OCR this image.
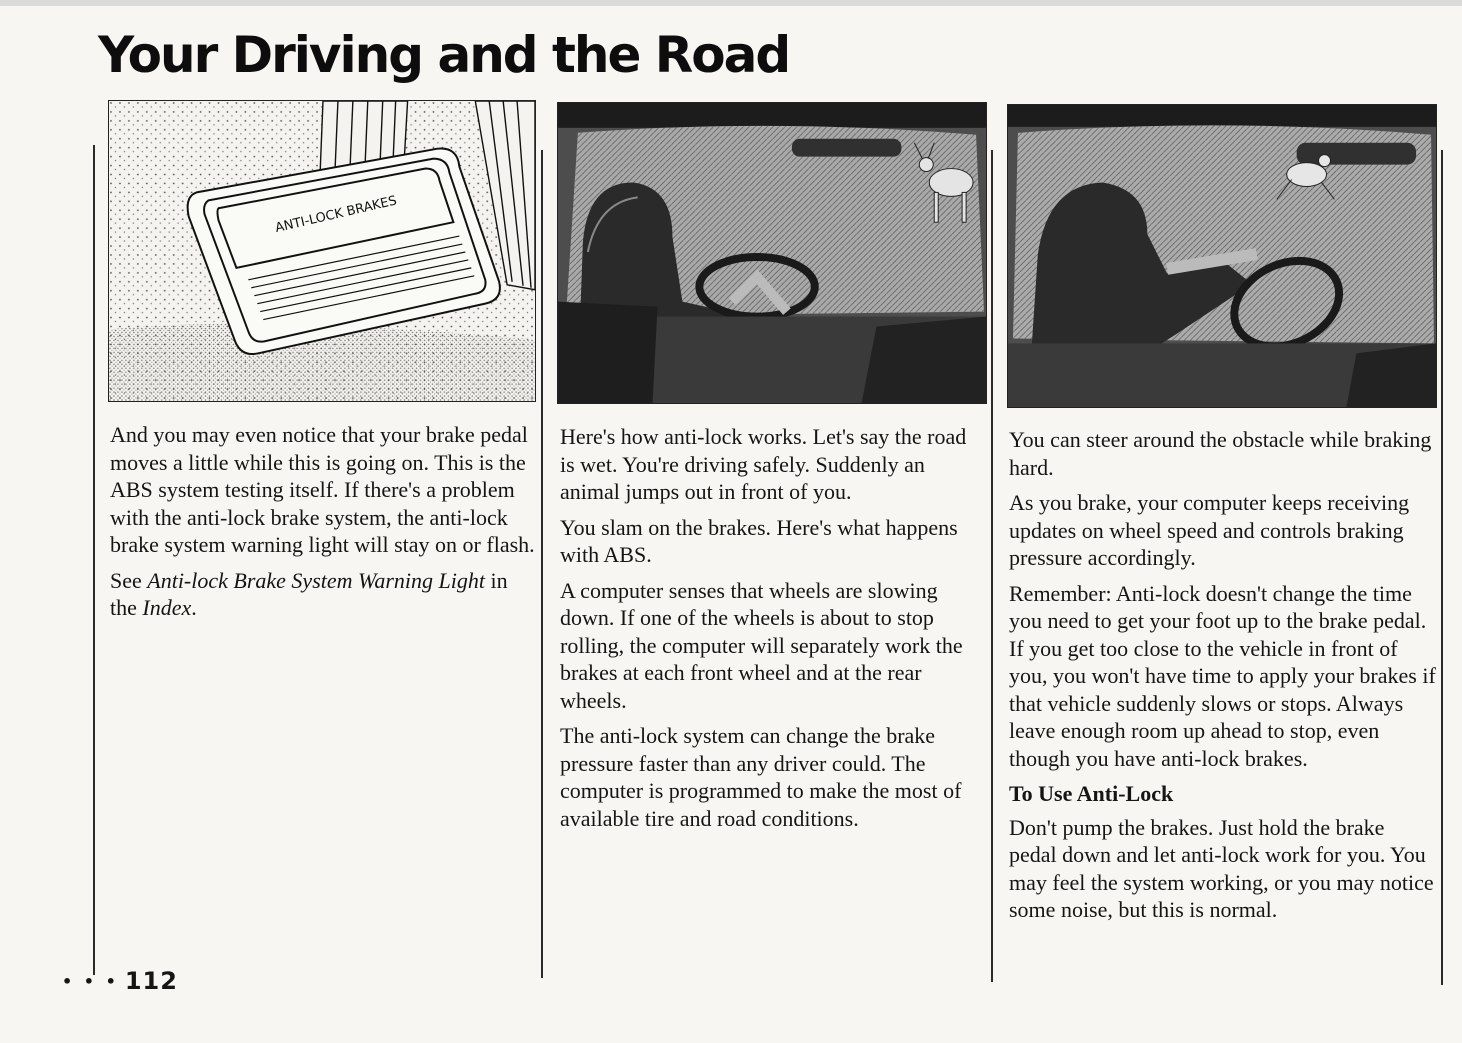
Your Driving and the Road
ANTI-LOCK BRAKES

And you may even notice that your brake pedal moves a little while this is going on. This is the ABS system testing itself. If there's a problem with the anti-lock brake system, the anti-lock brake system warning light will stay on or flash.

See Anti-lock Brake System Warning Light in the Index.

Here's how anti-lock works. Let's say the road is wet. You're driving safely. Suddenly an animal jumps out in front of you.

You slam on the brakes. Here's what happens with ABS.

A computer senses that wheels are slowing down. If one of the wheels is about to stop rolling, the computer will separately work the brakes at each front wheel and at the rear wheels.

The anti-lock system can change the brake pressure faster than any driver could. The computer is programmed to make the most of available tire and road conditions.

You can steer around the obstacle while braking hard.

As you brake, your computer keeps receiving updates on wheel speed and controls braking pressure accordingly.

Remember: Anti-lock doesn't change the time you need to get your foot up to the brake pedal. If you get too close to the vehicle in front of you, you won't have time to apply your brakes if that vehicle suddenly slows or stops. Always leave enough room up ahead to stop, even though you have anti-lock brakes.

To Use Anti-Lock

Don't pump the brakes. Just hold the brake pedal down and let anti-lock work for you. You may feel the system working, or you may notice some noise, but this is normal.

• • • 112
